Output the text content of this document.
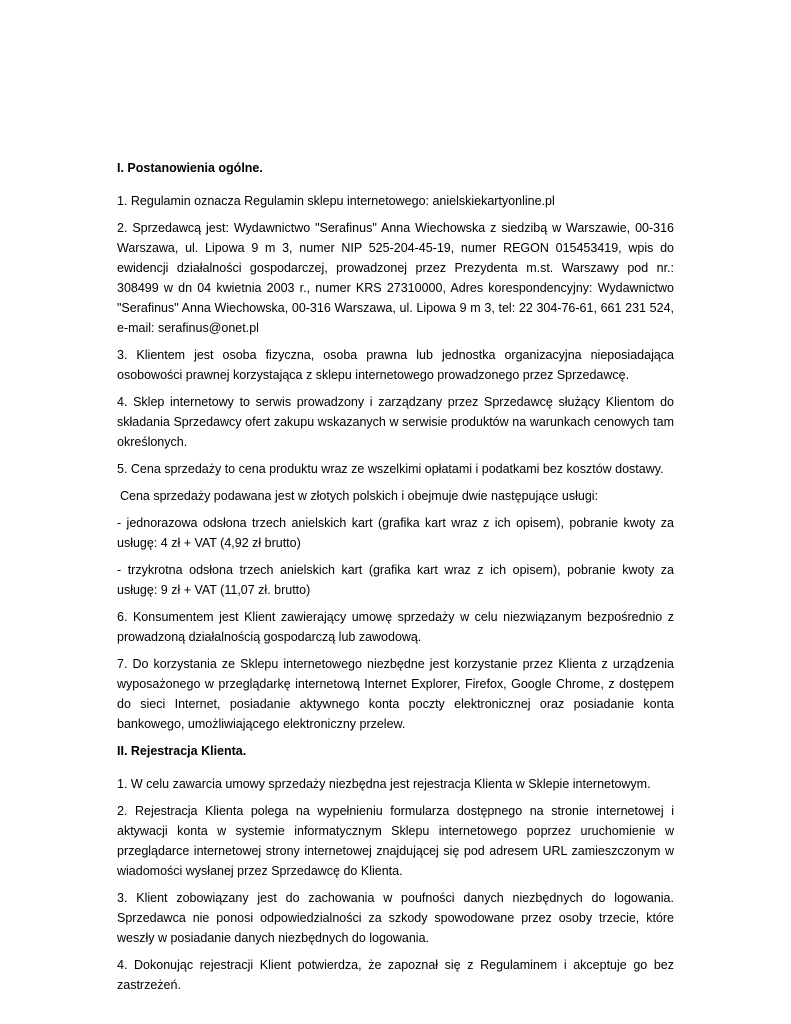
I. Postanowienia ogólne.

1. Regulamin oznacza Regulamin sklepu internetowego: anielskiekartyonline.pl

2. Sprzedawcą jest: Wydawnictwo "Serafinus" Anna Wiechowska z siedzibą w Warszawie, 00-316 Warszawa, ul. Lipowa 9 m 3, numer NIP 525-204-45-19, numer REGON 015453419, wpis do ewidencji działalności gospodarczej, prowadzonej przez Prezydenta m.st. Warszawy pod nr.: 308499 w dn 04 kwietnia 2003 r., numer KRS 27310000, Adres korespondencyjny: Wydawnictwo "Serafinus" Anna Wiechowska, 00-316 Warszawa, ul. Lipowa 9 m 3, tel: 22 304-76-61, 661 231 524, e-mail: serafinus@onet.pl

3. Klientem jest osoba fizyczna, osoba prawna lub jednostka organizacyjna nieposiadająca osobowości prawnej korzystająca z sklepu internetowego prowadzonego przez Sprzedawcę.

4. Sklep internetowy to serwis prowadzony i zarządzany przez Sprzedawcę służący Klientom do składania Sprzedawcy ofert zakupu wskazanych w serwisie produktów na warunkach cenowych tam określonych.

5. Cena sprzedaży to cena produktu wraz ze wszelkimi opłatami i podatkami bez kosztów dostawy.

Cena sprzedaży podawana jest w złotych polskich i obejmuje dwie następujące usługi:

- jednorazowa odsłona trzech anielskich kart (grafika kart wraz z ich opisem), pobranie kwoty za usługę: 4 zł + VAT (4,92 zł brutto)

- trzykrotna odsłona trzech anielskich kart (grafika kart wraz z ich opisem), pobranie kwoty za usługę: 9 zł + VAT (11,07 zł. brutto)

6. Konsumentem jest Klient zawierający umowę sprzedaży w celu niezwiązanym bezpośrednio z prowadzoną działalnością gospodarczą lub zawodową.

7. Do korzystania ze Sklepu internetowego niezbędne jest korzystanie przez Klienta z urządzenia wyposażonego w przeglądarkę internetową Internet Explorer, Firefox, Google Chrome, z dostępem do sieci Internet, posiadanie aktywnego konta poczty elektronicznej oraz posiadanie konta bankowego, umożliwiającego elektroniczny przelew.

II. Rejestracja Klienta.

1. W celu zawarcia umowy sprzedaży niezbędna jest rejestracja Klienta w Sklepie internetowym.

2. Rejestracja Klienta polega na wypełnieniu formularza dostępnego na stronie internetowej i aktywacji konta w systemie informatycznym Sklepu internetowego poprzez uruchomienie w przeglądarce internetowej strony internetowej znajdującej się pod adresem URL zamieszczonym w wiadomości wysłanej przez Sprzedawcę do Klienta.

3. Klient zobowiązany jest do zachowania w poufności danych niezbędnych do logowania. Sprzedawca nie ponosi odpowiedzialności za szkody spowodowane przez osoby trzecie, które weszły w posiadanie danych niezbędnych do logowania.

4. Dokonując rejestracji Klient potwierdza, że zapoznał się z Regulaminem i akceptuje go bez zastrzeżeń.
